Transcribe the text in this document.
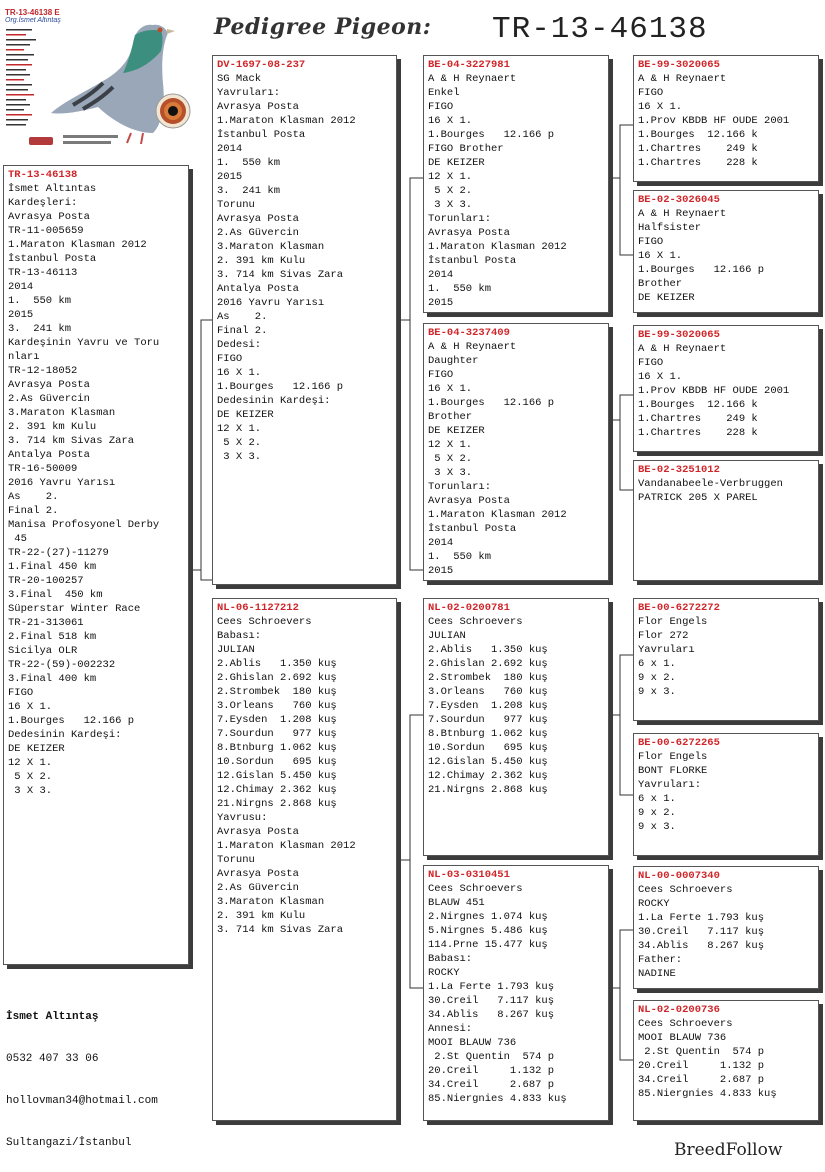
TR-13-46138 E
Org.İsmet Altıntaş	Pedigree Pigeon: TR-13-46138
TR-13-46138
İsmet Altıntas
Kardeşleri:
Avrasya Posta
TR-11-005659
1.Maraton Klasman 2012
İstanbul Posta
TR-13-46113
2014
1.  550 km
2015
3.  241 km
Kardeşinin Yavru ve Toru
nları
TR-12-18052
Avrasya Posta
2.As Güvercin
3.Maraton Klasman
2. 391 km Kulu
3. 714 km Sivas Zara
Antalya Posta
TR-16-50009
2016 Yavru Yarısı
As    2.
Final 2.
Manisa Profosyonel Derby
45
TR-22-(27)-11279
1.Final 450 km
TR-20-100257
3.Final  450 km
Süperstar Winter Race
TR-21-313061
2.Final 518 km
Sicilya OLR
TR-22-(59)-002232
3.Final 400 km
FIGO
16 X 1.
1.Bourges   12.166 p
Dedesinin Kardeşi:
DE KEIZER
12 X 1.
5 X 2.
3 X 3.
DV-1697-08-237
SG Mack
Yavruları:
Avrasya Posta
1.Maraton Klasman 2012
İstanbul Posta
2014
1.  550 km
2015
3.  241 km
Torunu
Avrasya Posta
2.As Güvercin
3.Maraton Klasman
2. 391 km Kulu
3. 714 km Sivas Zara
Antalya Posta
2016 Yavru Yarısı
As    2.
Final 2.
Dedesi:
FIGO
16 X 1.
1.Bourges   12.166 p
Dedesinin Kardeşi:
DE KEIZER
12 X 1.
5 X 2.
3 X 3.
NL-06-1127212
Cees Schroevers
Babası:
JULIAN
2.Ablis   1.350 kuş
2.Ghislan 2.692 kuş
2.Strombek  180 kuş
3.Orleans   760 kuş
7.Eysden  1.208 kuş
7.Sourdun   977 kuş
8.Btnburg 1.062 kuş
10.Sordun   695 kuş
12.Gislan 5.450 kuş
12.Chimay 2.362 kuş
21.Nirgns 2.868 kuş
Yavrusu:
Avrasya Posta
1.Maraton Klasman 2012
Torunu
Avrasya Posta
2.As Güvercin
3.Maraton Klasman
2. 391 km Kulu
3. 714 km Sivas Zara
BE-04-3227981
A & H Reynaert
Enkel
FIGO
16 X 1.
1.Bourges   12.166 p
FIGO Brother
DE KEIZER
12 X 1.
5 X 2.
3 X 3.
Torunları:
Avrasya Posta
1.Maraton Klasman 2012
İstanbul Posta
2014
1.  550 km
2015
BE-04-3237409
A & H Reynaert
Daughter
FIGO
16 X 1.
1.Bourges   12.166 p
Brother
DE KEIZER
12 X 1.
5 X 2.
3 X 3.
Torunları:
Avrasya Posta
1.Maraton Klasman 2012
İstanbul Posta
2014
1.  550 km
2015
NL-02-0200781
Cees Schroevers
JULIAN
2.Ablis   1.350 kuş
2.Ghislan 2.692 kuş
2.Strombek  180 kuş
3.Orleans   760 kuş
7.Eysden  1.208 kuş
7.Sourdun   977 kuş
8.Btnburg 1.062 kuş
10.Sordun   695 kuş
12.Gislan 5.450 kuş
12.Chimay 2.362 kuş
21.Nirgns 2.868 kuş
NL-03-0310451
Cees Schroevers
BLAUW 451
2.Nirgnes 1.074 kuş
5.Nirgnes 5.486 kuş
114.Prne 15.477 kuş
Babası:
ROCKY
1.La Ferte 1.793 kuş
30.Creil   7.117 kuş
34.Ablis   8.267 kuş
Annesi:
MOOI BLAUW 736
2.St Quentin  574 p
20.Creil     1.132 p
34.Creil     2.687 p
85.Niergnies 4.833 kuş
BE-99-3020065
A & H Reynaert
FIGO
16 X 1.
1.Prov KBDB HF OUDE 2001
1.Bourges  12.166 k
1.Chartres    249 k
1.Chartres    228 k
BE-02-3026045
A & H Reynaert
Halfsister
FIGO
16 X 1.
1.Bourges   12.166 p
Brother
DE KEIZER
BE-99-3020065
A & H Reynaert
FIGO
16 X 1.
1.Prov KBDB HF OUDE 2001
1.Bourges  12.166 k
1.Chartres    249 k
1.Chartres    228 k
BE-02-3251012
Vandanabeele-Verbruggen
PATRICK 205 X PAREL
BE-00-6272272
Flor Engels
Flor 272
Yavruları
6 x 1.
9 x 2.
9 x 3.
BE-00-6272265
Flor Engels
BONT FLORKE
Yavruları:
6 x 1.
9 x 2.
9 x 3.
NL-00-0007340
Cees Schroevers
ROCKY
1.La Ferte 1.793 kuş
30.Creil   7.117 kuş
34.Ablis   8.267 kuş
Father:
NADINE
NL-02-0200736
Cees Schroevers
MOOI BLAUW 736
2.St Quentin  574 p
20.Creil     1.132 p
34.Creil     2.687 p
85.Niergnies 4.833 kuş

İsmet Altıntaş

0532 407 33 06

hollovman34@hotmail.com

Sultangazi/İstanbul	BreedFollow
